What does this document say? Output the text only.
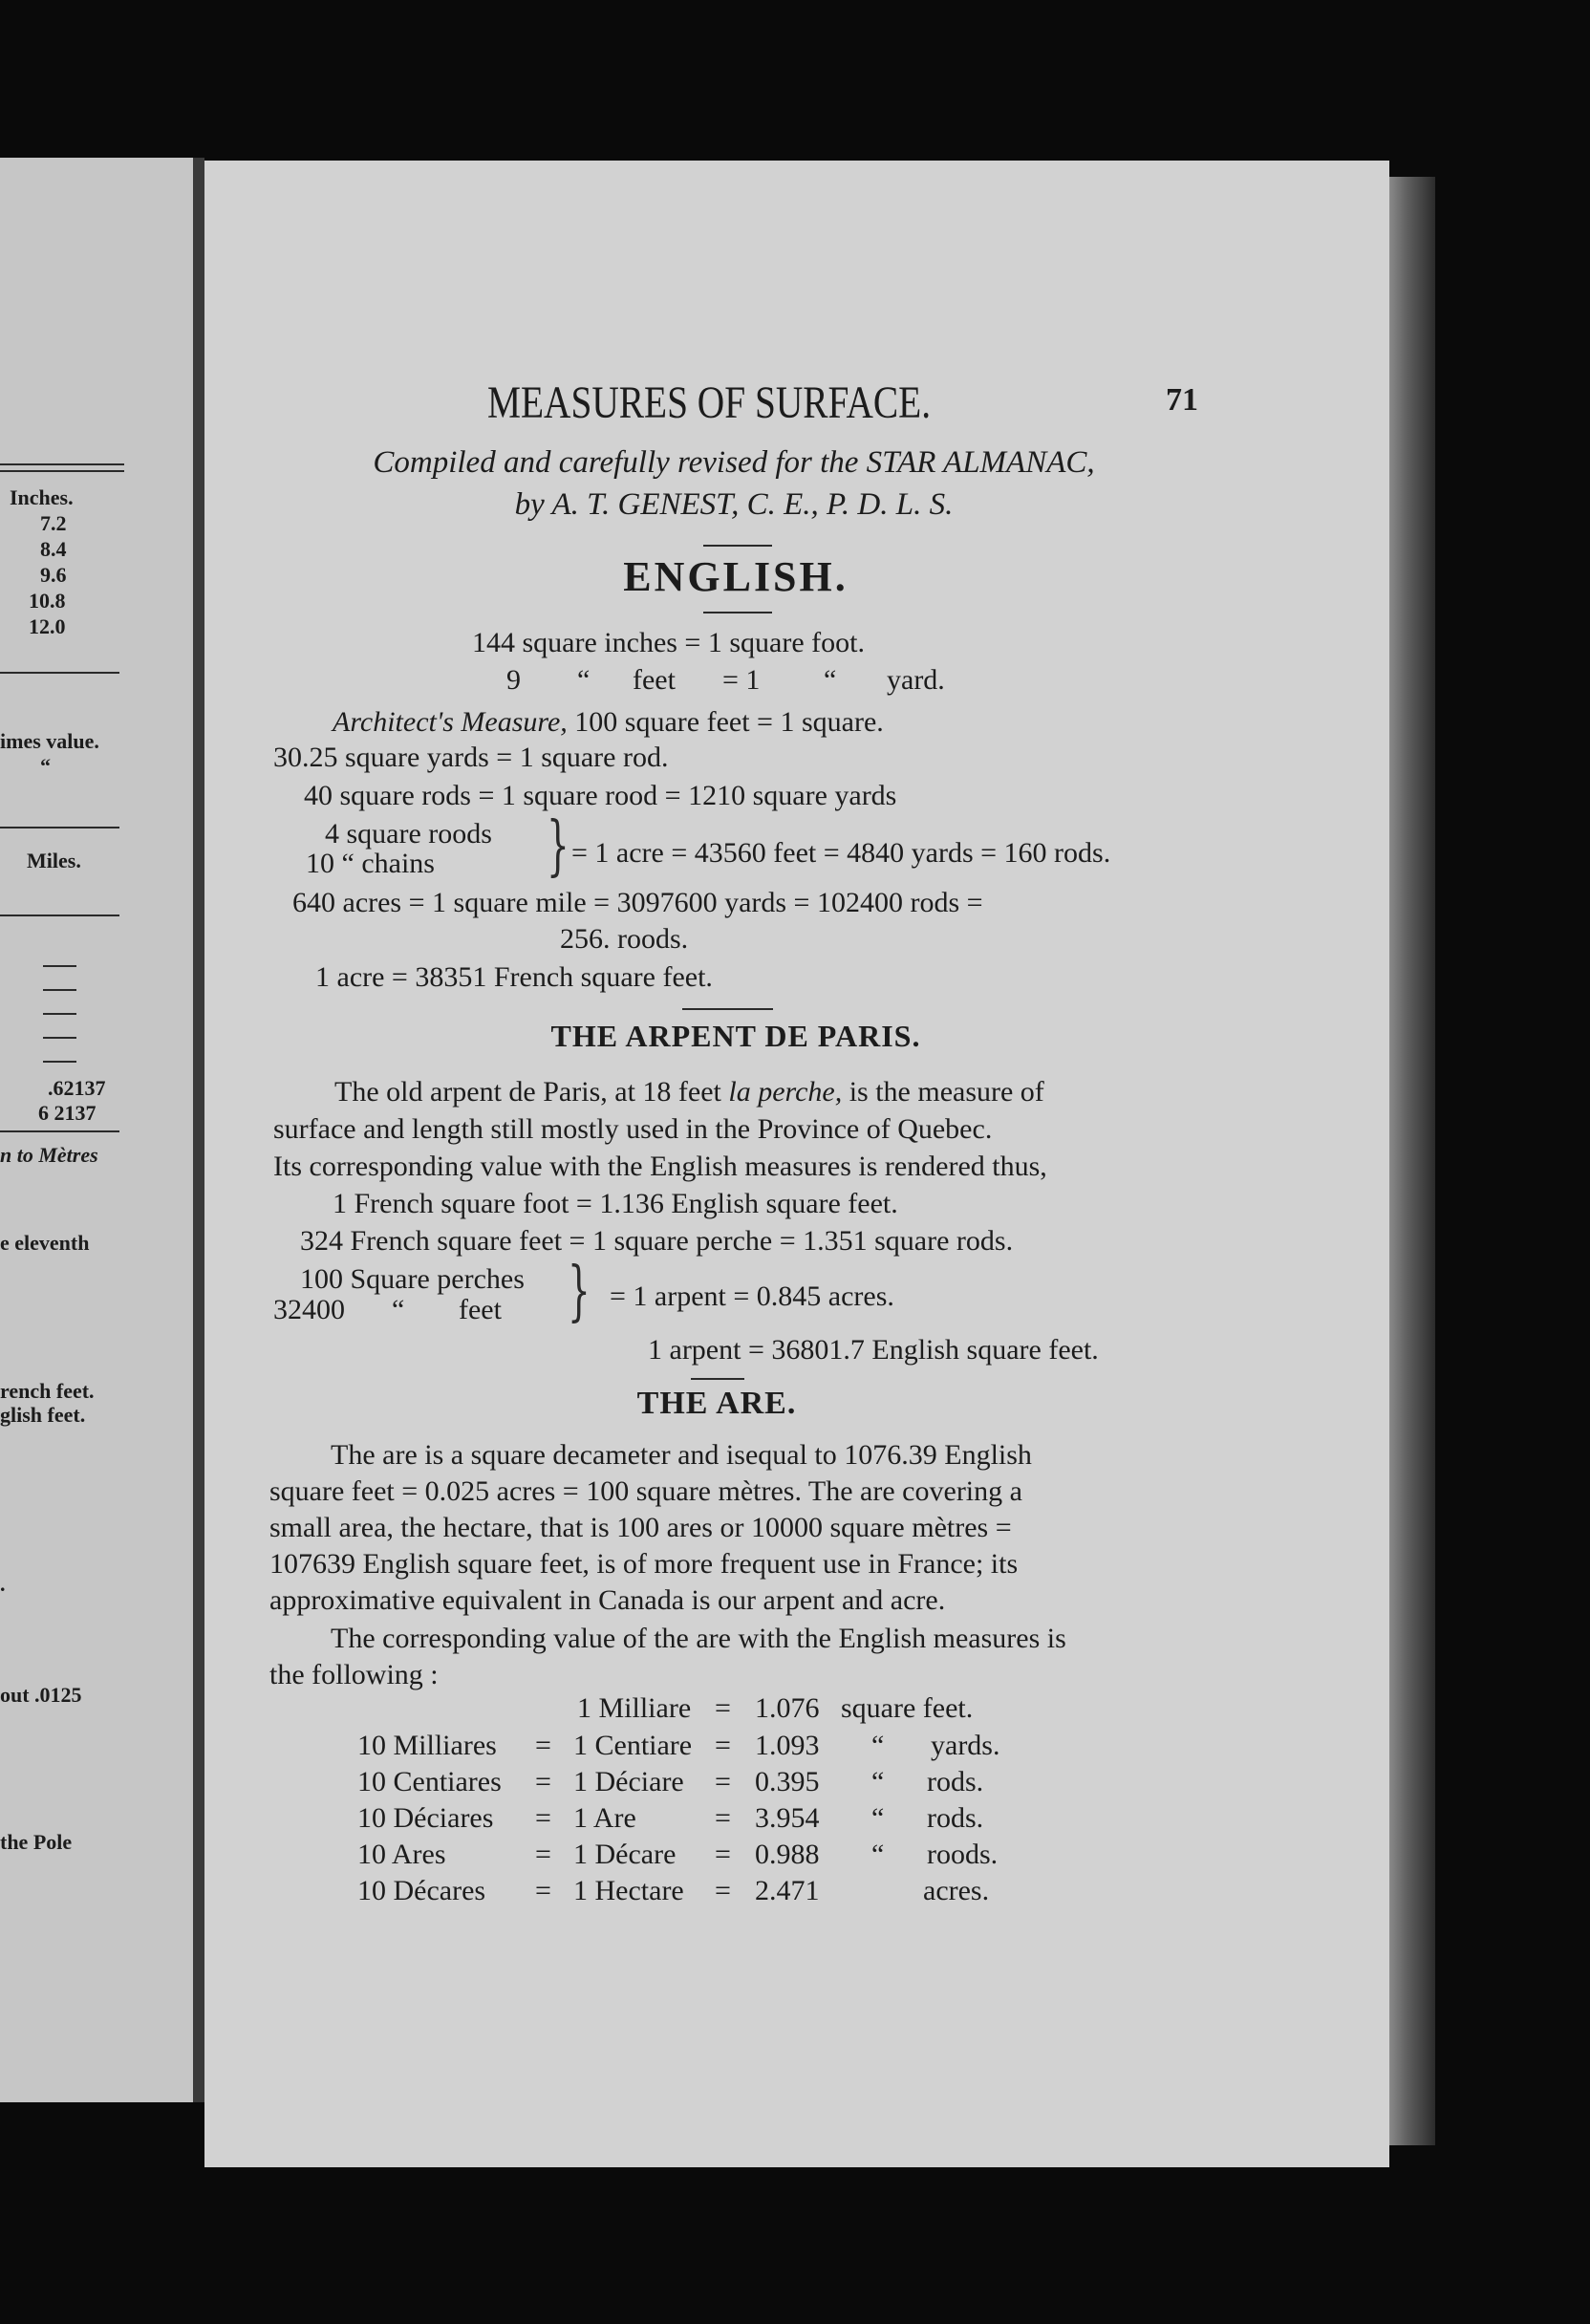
Inches.
7.2
8.4
9.6
10.8
12.0
imes value.
“
Miles.
.62137
6 2137
n to Mètres
e eleventh
rench feet.
glish feet.
.
out .0125
the Pole
MEASURES OF SURFACE.	71
Compiled and carefully revised for the STAR ALMANAC,
by A. T. GENEST, C. E., P. D. L. S.
ENGLISH.
144 square inches = 1 square foot.
9 “ feet = 1 “ yard.
Architect's Measure, 100 square feet = 1 square.
30.25 square yards = 1 square rod.
40 square rods = 1 square rood = 1210 square yards
4 square roods
10 “ chains } = 1 acre = 43560 feet = 4840 yards = 160 rods.
640 acres = 1 square mile = 3097600 yards = 102400 rods =
256. roods.
1 acre = 38351 French square feet.
THE ARPENT DE PARIS.
The old arpent de Paris, at 18 feet la perche, is the measure of
surface and length still mostly used in the Province of Quebec.
Its corresponding value with the English measures is rendered thus,
1 French square foot = 1.136 English square feet.
324 French square feet = 1 square perche = 1.351 square rods.
100 Square perches
32400 “ feet } = 1 arpent = 0.845 acres.
1 arpent = 36801.7 English square feet.
THE ARE.
The are is a square decameter and isequal to 1076.39 English
square feet = 0.025 acres = 100 square mètres. The are covering a
small area, the hectare, that is 100 ares or 10000 square mètres =
107639 English square feet, is of more frequent use in France; its
approximative equivalent in Canada is our arpent and acre.
The corresponding value of the are with the English measures is
the following :
1 Milliare = 1.076 square feet.
10 Milliares = 1 Centiare = 1.093 “ yards.
10 Centiares = 1 Déciare = 0.395 “ rods.
10 Déciares = 1 Are	= 3.954 “ rods.
10 Ares	= 1 Décare = 0.988 “ roods.
10 Décares = 1 Hectare = 2.471	acres.
